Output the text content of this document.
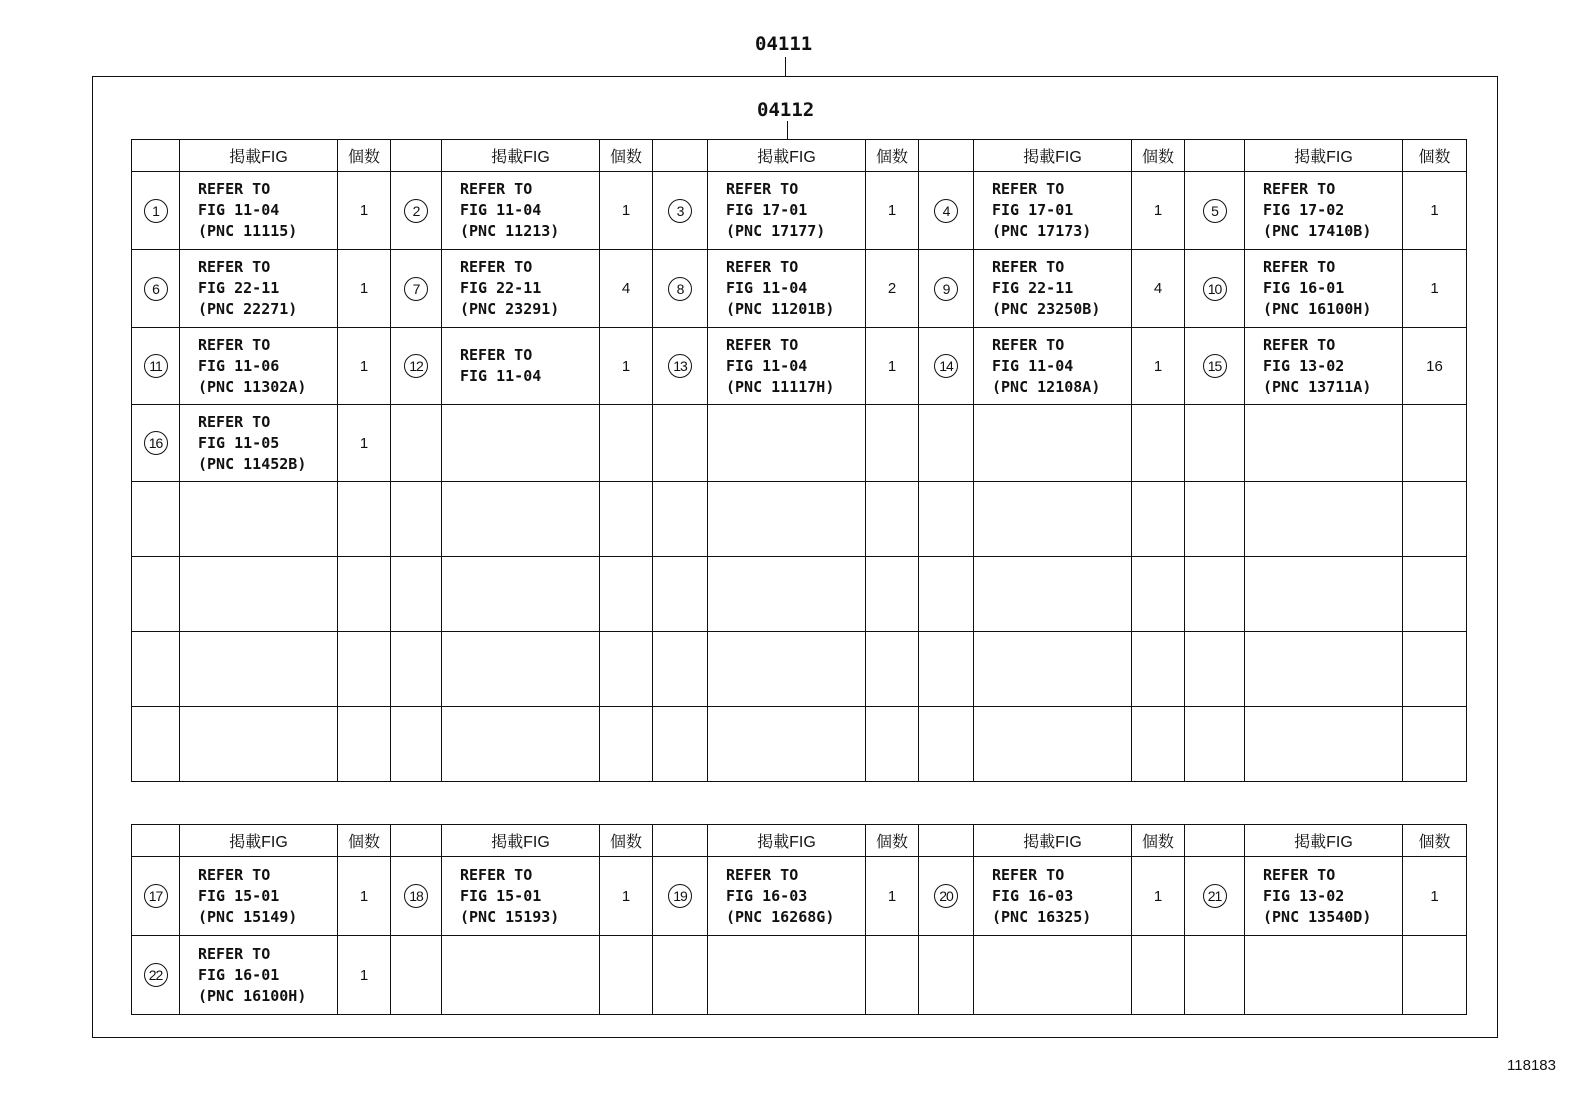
04111
04112
	掲載FIG	個数		掲載FIG	個数		掲載FIG	個数		掲載FIG	個数		掲載FIG	個数
1	REFER TO
FIG 11-04
(PNC 11115)	1	2	REFER TO
FIG 11-04
(PNC 11213)	1	3	REFER TO
FIG 17-01
(PNC 17177)	1	4	REFER TO
FIG 17-01
(PNC 17173)	1	5	REFER TO
FIG 17-02
(PNC 17410B)	1
6	REFER TO
FIG 22-11
(PNC 22271)	1	7	REFER TO
FIG 22-11
(PNC 23291)	4	8	REFER TO
FIG 11-04
(PNC 11201B)	2	9	REFER TO
FIG 22-11
(PNC 23250B)	4	10	REFER TO
FIG 16-01
(PNC 16100H)	1
11	REFER TO
FIG 11-06
(PNC 11302A)	1	12	REFER TO
FIG 11-04	1	13	REFER TO
FIG 11-04
(PNC 11117H)	1	14	REFER TO
FIG 11-04
(PNC 12108A)	1	15	REFER TO
FIG 13-02
(PNC 13711A)	16
16	REFER TO
FIG 11-05
(PNC 11452B)	1												

	掲載FIG	個数		掲載FIG	個数		掲載FIG	個数		掲載FIG	個数		掲載FIG	個数
17	REFER TO
FIG 15-01
(PNC 15149)	1	18	REFER TO
FIG 15-01
(PNC 15193)	1	19	REFER TO
FIG 16-03
(PNC 16268G)	1	20	REFER TO
FIG 16-03
(PNC 16325)	1	21	REFER TO
FIG 13-02
(PNC 13540D)	1
22	REFER TO
FIG 16-01
(PNC 16100H)	1												
118183
